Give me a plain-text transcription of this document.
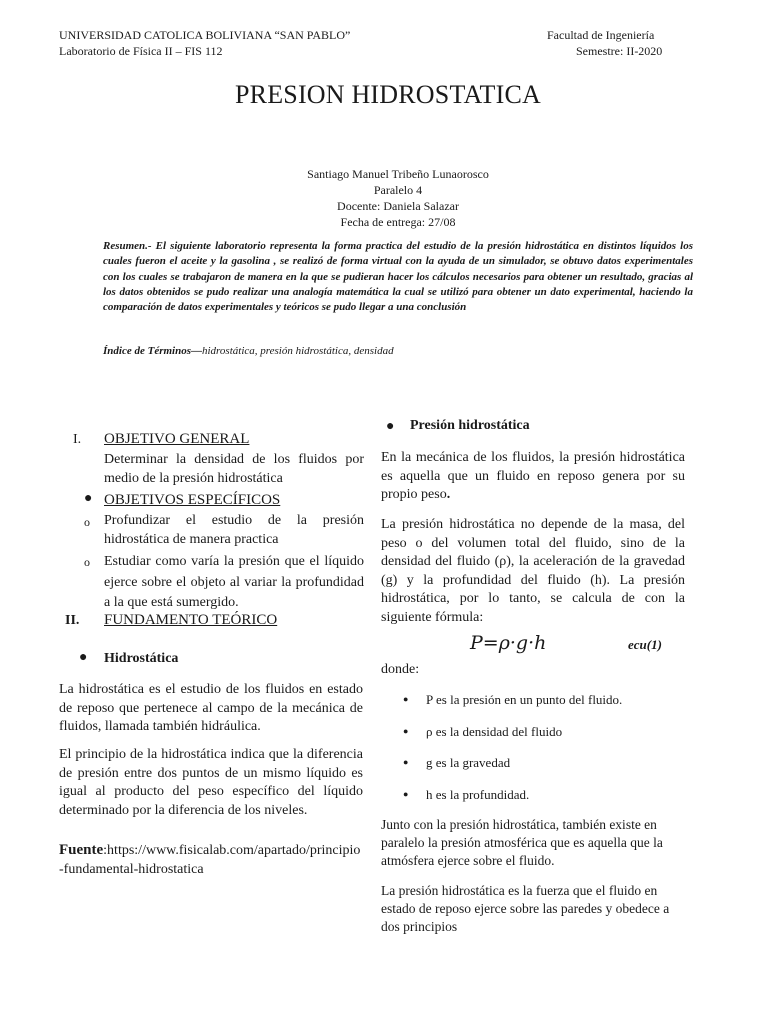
UNIVERSIDAD CATOLICA BOLIVIANA “SAN PABLO”
Laboratorio de Física II – FIS 112
Facultad de Ingeniería
Semestre: II-2020
PRESION HIDROSTATICA
Santiago Manuel Tribeño Lunaorosco
Paralelo 4
Docente: Daniela Salazar
Fecha de entrega: 27/08
Resumen.- El siguiente laboratorio representa la forma practica del estudio de la presión hidrostática en distintos líquidos los cuales fueron el aceite y la gasolina , se realizó de forma virtual con la ayuda de un simulador, se obtuvo datos experimentales con los cuales se trabajaron de manera en la que se pudieran hacer los cálculos necesarios para obtener un resultado, gracias al los datos obtenidos se pudo realizar una analogía matemática la cual se utilizó para obtener un dato experimental, haciendo la comparación de datos experimentales y teóricos se pudo llegar a una conclusión
Índice de Términos—hidrostática, presión hidrostática, densidad
I. OBJETIVO GENERAL
Determinar la densidad de los fluidos por medio de la presión hidrostática
● OBJETIVOS ESPECÍFICOS
o Profundizar el estudio de la presión hidrostática de manera practica
o Estudiar como varía la presión que el líquido ejerce sobre el objeto al variar la profundidad a la que está sumergido.
II. FUNDAMENTO TEÓRICO
● Hidrostática
La hidrostática es el estudio de los fluidos en estado de reposo que pertenece al campo de la mecánica de fluidos, llamada también hidráulica.
El principio de la hidrostática indica que la diferencia de presión entre dos puntos de un mismo líquido es igual al producto del peso específico del líquido determinado por la diferencia de los niveles.
Fuente:https://www.fisicalab.com/apartado/principio-fundamental-hidrostatica
● Presión hidrostática
En la mecánica de los fluidos, la presión hidrostática es aquella que un fluido en reposo genera por su propio peso.
La presión hidrostática no depende de la masa, del peso o del volumen total del fluido, sino de la densidad del fluido (ρ), la aceleración de la gravedad (g) y la profundidad del fluido (h). La presión hidrostática, por lo tanto, se calcula de con la siguiente fórmula:
P=ρ·g·h	ecu(1)
donde:
● P es la presión en un punto del fluido.
● ρ es la densidad del fluido
● g es la gravedad
● h es la profundidad.
Junto con la presión hidrostática, también existe en paralelo la presión atmosférica que es aquella que la atmósfera ejerce sobre el fluido.
La presión hidrostática es la fuerza que el fluido en estado de reposo ejerce sobre las paredes y obedece a dos principios
